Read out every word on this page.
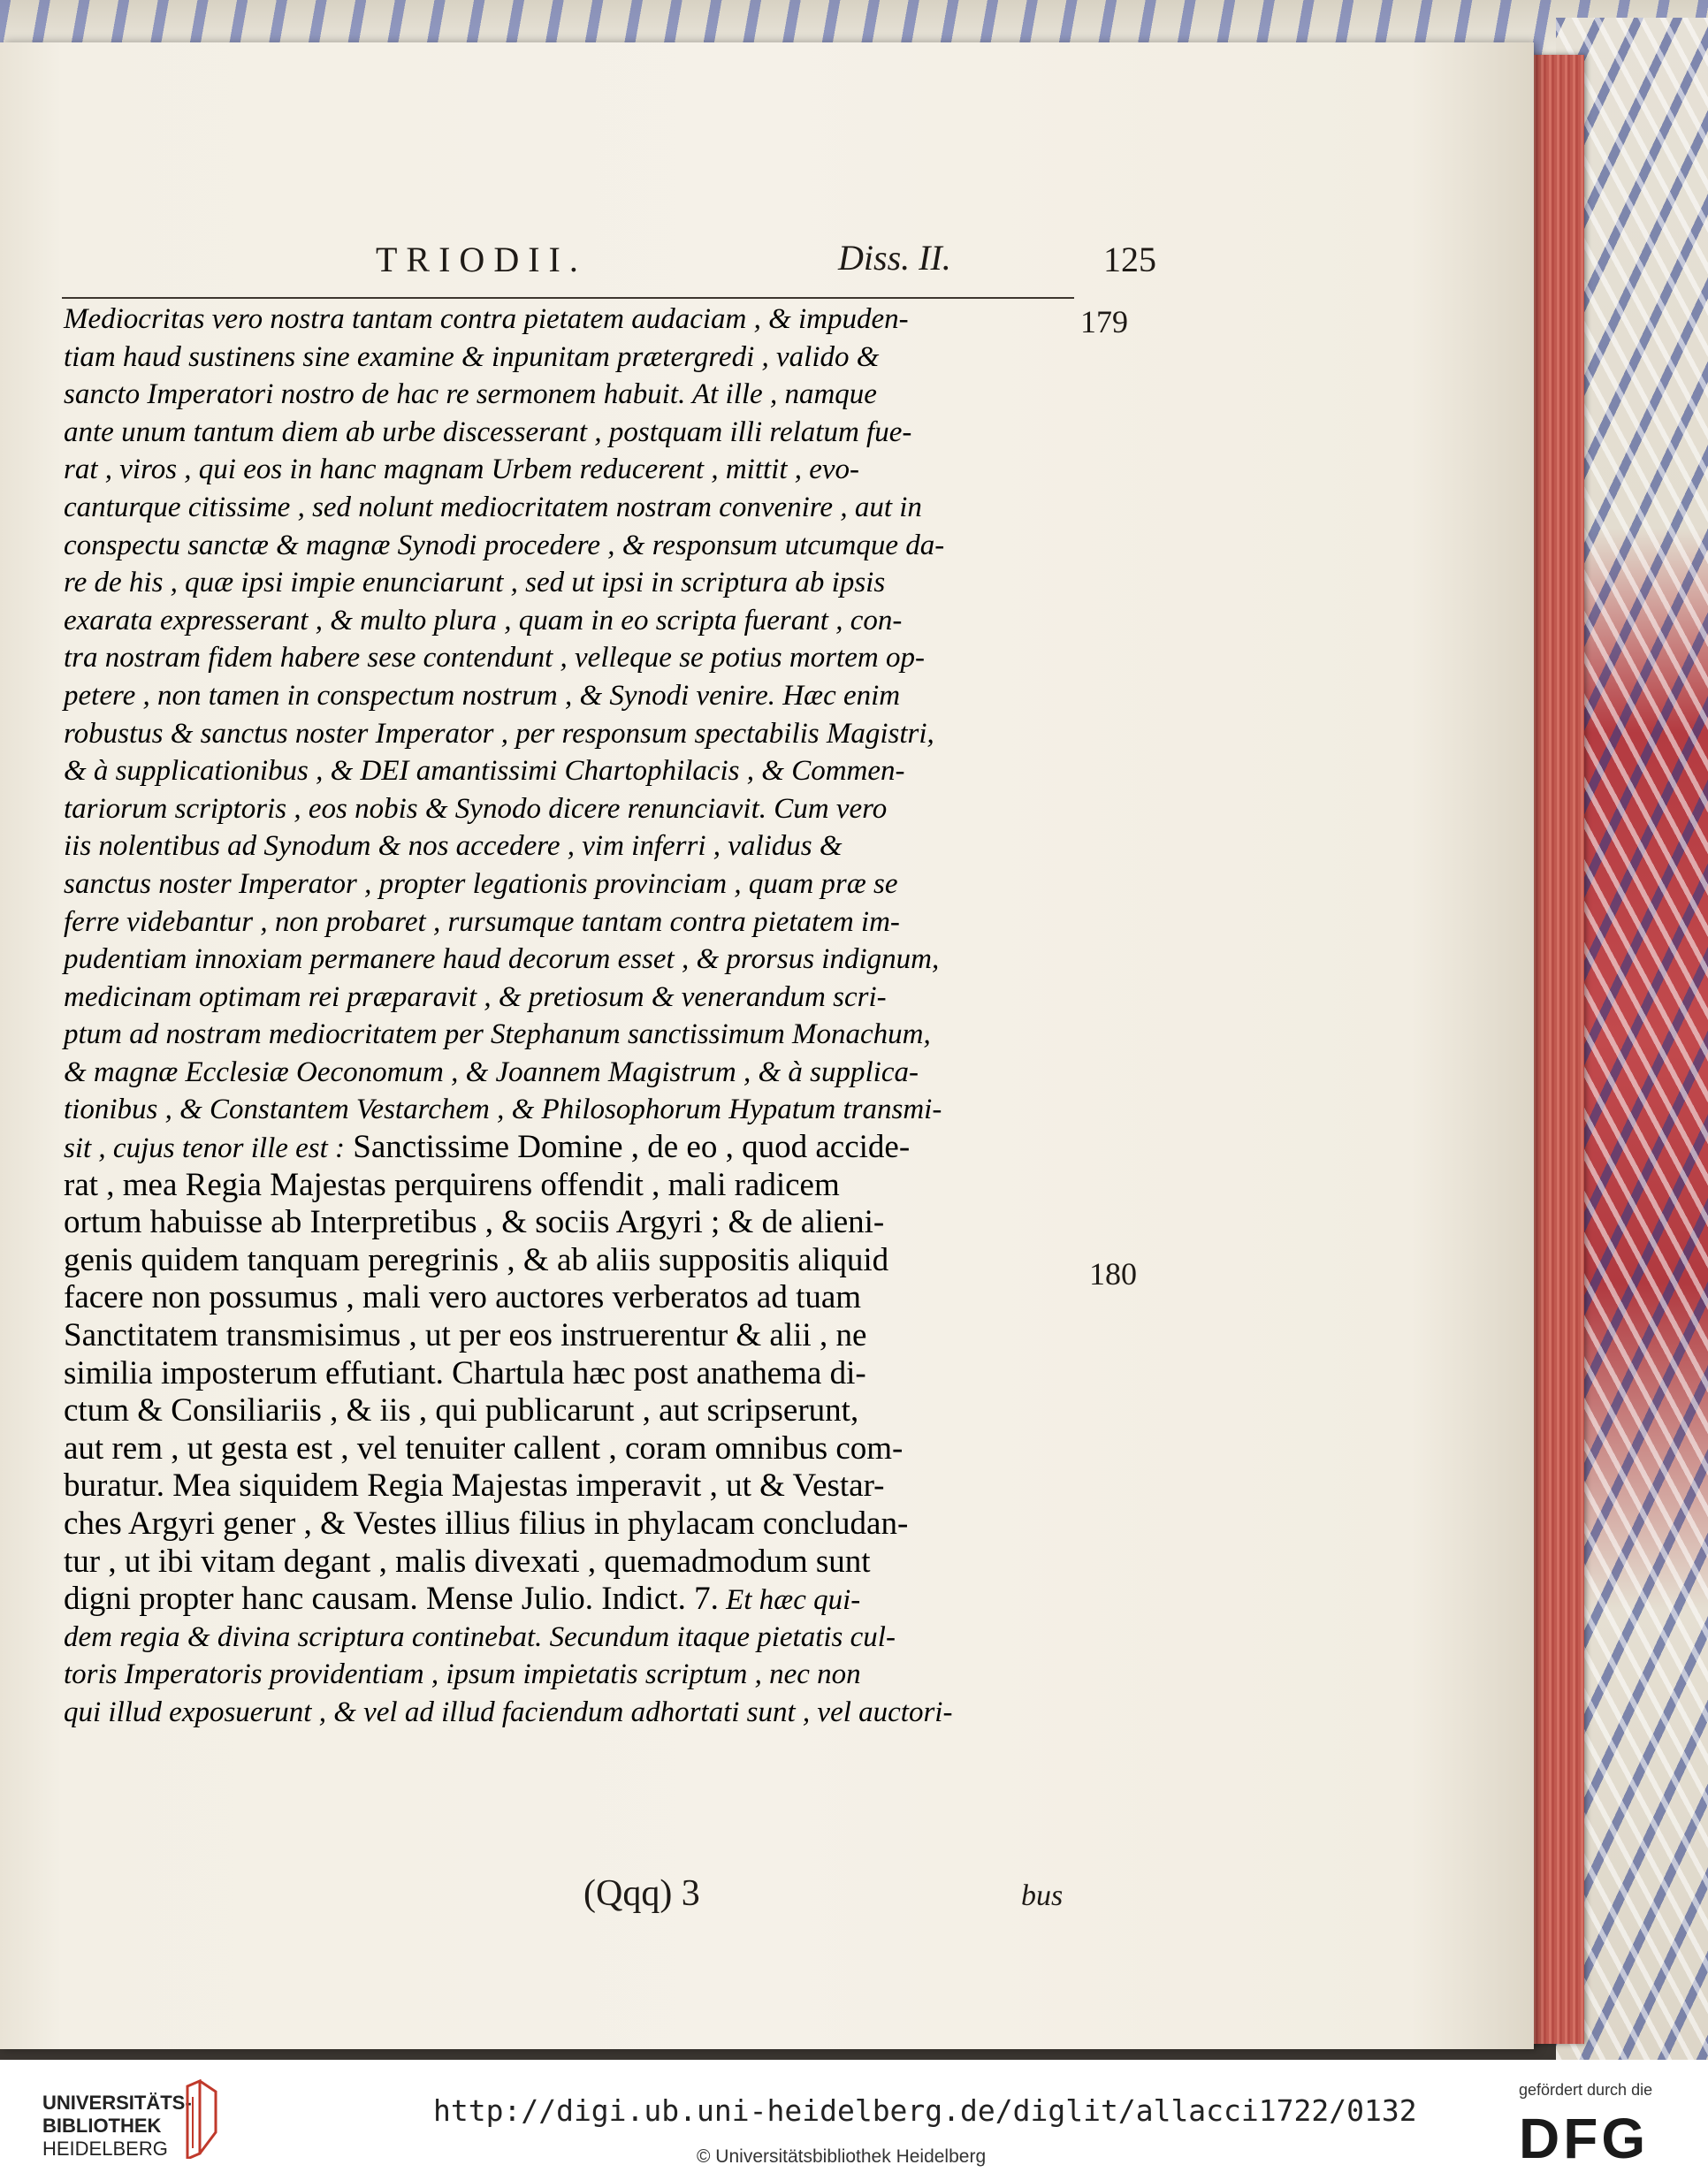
TRIODII.	Diss. II.	125
179
180
Mediocritas vero nostra tantam contra pietatem audaciam , & impuden-
tiam haud sustinens sine examine & inpunitam prætergredi , valido &
sancto Imperatori nostro de hac re sermonem habuit. At ille , namque
ante unum tantum diem ab urbe discesserant , postquam illi relatum fue-
rat , viros , qui eos in hanc magnam Urbem reducerent , mittit , evo-
canturque citissime , sed nolunt mediocritatem nostram convenire , aut in
conspectu sanctæ & magnæ Synodi procedere , & responsum utcumque da-
re de his , quæ ipsi impie enunciarunt , sed ut ipsi in scriptura ab ipsis
exarata expresserant , & multo plura , quam in eo scripta fuerant , con-
tra nostram fidem habere sese contendunt , velleque se potius mortem op-
petere , non tamen in conspectum nostrum , & Synodi venire. Hæc enim
robustus & sanctus noster Imperator , per responsum spectabilis Magistri,
& à supplicationibus , & DEI amantissimi Chartophilacis , & Commen-
tariorum scriptoris , eos nobis & Synodo dicere renunciavit. Cum vero
iis nolentibus ad Synodum & nos accedere , vim inferri , validus &
sanctus noster Imperator , propter legationis provinciam , quam præ se
ferre videbantur , non probaret , rursumque tantam contra pietatem im-
pudentiam innoxiam permanere haud decorum esset , & prorsus indignum,
medicinam optimam rei præparavit , & pretiosum & venerandum scri-
ptum ad nostram mediocritatem per Stephanum sanctissimum Monachum,
& magnæ Ecclesiæ Oeconomum , & Joannem Magistrum , & à supplica-
tionibus , & Constantem Vestarchem , & Philosophorum Hypatum transmi-
sit , cujus tenor ille est : Sanctissime Domine , de eo , quod accide-
rat , mea Regia Majestas perquirens offendit , mali radicem
ortum habuisse ab Interpretibus , & sociis Argyri ; & de alieni-
genis quidem tanquam peregrinis , & ab aliis suppositis aliquid
facere non possumus , mali vero auctores verberatos ad tuam
Sanctitatem transmisimus , ut per eos instruerentur & alii , ne
similia imposterum effutiant. Chartula hæc post anathema di-
ctum & Consiliariis , & iis , qui publicarunt , aut scripserunt,
aut rem , ut gesta est , vel tenuiter callent , coram omnibus com-
buratur. Mea siquidem Regia Majestas imperavit , ut & Vestar-
ches Argyri gener , & Vestes illius filius in phylacam concludan-
tur , ut ibi vitam degant , malis divexati , quemadmodum sunt
digni propter hanc causam. Mense Julio. Indict. 7. Et hæc qui-
dem regia & divina scriptura continebat. Secundum itaque pietatis cul-
toris Imperatoris providentiam , ipsum impietatis scriptum , nec non
qui illud exposuerunt , & vel ad illud faciendum adhortati sunt , vel auctori-
(Qqq) 3	bus
UNIVERSITÄTS-
BIBLIOTHEK
HEIDELBERG
http://digi.ub.uni-heidelberg.de/diglit/allacci1722/0132
© Universitätsbibliothek Heidelberg
gefördert durch die
DFG
